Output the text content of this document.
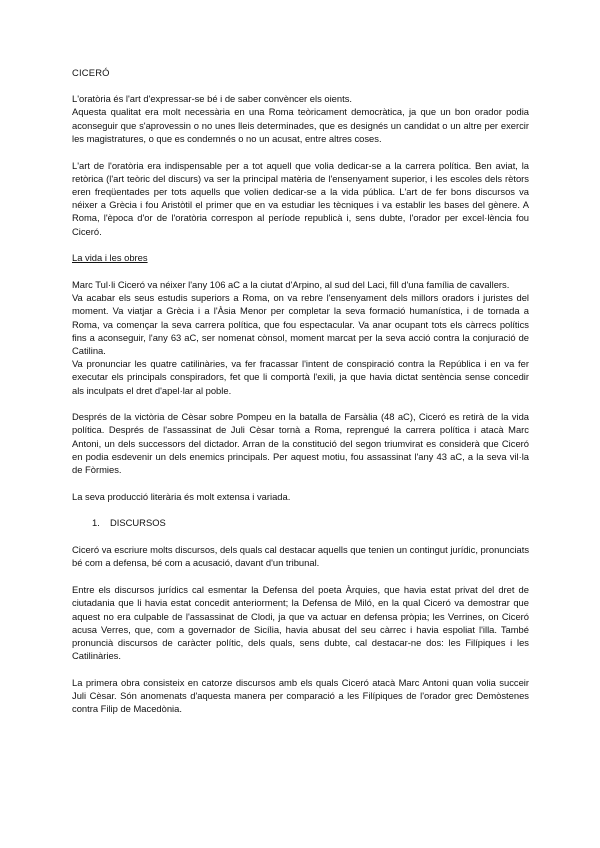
CICERÓ

L'oratòria és l'art d'expressar-se bé i de saber convèncer els oients.
Aquesta qualitat era molt necessària en una Roma teòricament democràtica, ja que un bon orador podia aconseguir que s'aprovessin o no unes lleis determinades, que es designés un candidat o un altre per exercir les magistratures, o que es condemnés o no un acusat, entre altres coses.

L'art de l'oratòria era indispensable per a tot aquell que volia dedicar-se a la carrera política. Ben aviat, la retòrica (l'art teòric del discurs) va ser la principal matèria de l'ensenyament superior, i les escoles dels rètors eren freqüentades per tots aquells que volien dedicar-se a la vida pública. L'art de fer bons discursos va néixer a Grècia i fou Aristòtil el primer que en va estudiar les tècniques i va establir les bases del gènere. A Roma, l'època d'or de l'oratòria correspon al període republicà i, sens dubte, l'orador per excel·lència fou Ciceró.

La vida i les obres

Marc Tul·li Ciceró va néixer l'any 106 aC a la ciutat d'Arpino, al sud del Laci, fill d'una família de cavallers.
Va acabar els seus estudis superiors a Roma, on va rebre l'ensenyament dels millors oradors i juristes del moment. Va viatjar a Grècia i a l'Àsia Menor per completar la seva formació humanística, i de tornada a Roma, va començar la seva carrera política, que fou espectacular. Va anar ocupant tots els càrrecs polítics fins a aconseguir, l'any 63 aC, ser nomenat cònsol, moment marcat per la seva acció contra la conjuració de Catilina.
Va pronunciar les quatre catilinàries, va fer fracassar l'intent de conspiració contra la República i en va fer executar els principals conspiradors, fet que li comportà l'exili, ja que havia dictat sentència sense concedir als inculpats el dret d'apel·lar al poble.

Després de la victòria de Cèsar sobre Pompeu en la batalla de Farsàlia (48 aC), Ciceró es retirà de la vida política. Després de l'assassinat de Juli Cèsar tornà a Roma, reprengué la carrera política i atacà Marc Antoni, un dels successors del dictador. Arran de la constitució del segon triumvirat es considerà que Ciceró en podia esdevenir un dels enemics principals. Per aquest motiu, fou assassinat l'any 43 aC, a la seva vil·la de Fòrmies.

La seva producció literària és molt extensa i variada.

1. DISCURSOS

Ciceró va escriure molts discursos, dels quals cal destacar aquells que tenien un contingut jurídic, pronunciats bé com a defensa, bé com a acusació, davant d'un tribunal.

Entre els discursos jurídics cal esmentar la Defensa del poeta Àrquies, que havia estat privat del dret de ciutadania que li havia estat concedit anteriorment; la Defensa de Miló, en la qual Ciceró va demostrar que aquest no era culpable de l'assassinat de Clodi, ja que va actuar en defensa pròpia; les Verrines, on Ciceró acusa Verres, que, com a governador de Sicília, havia abusat del seu càrrec i havia espoliat l'illa. També pronuncià discursos de caràcter polític, dels quals, sens dubte, cal destacar-ne dos: les Filípiques i les Catilinàries.

La primera obra consisteix en catorze discursos amb els quals Ciceró atacà Marc Antoni quan volia succeir Juli Cèsar. Són anomenats d'aquesta manera per comparació a les Filípiques de l'orador grec Demòstenes contra Filip de Macedònia.
